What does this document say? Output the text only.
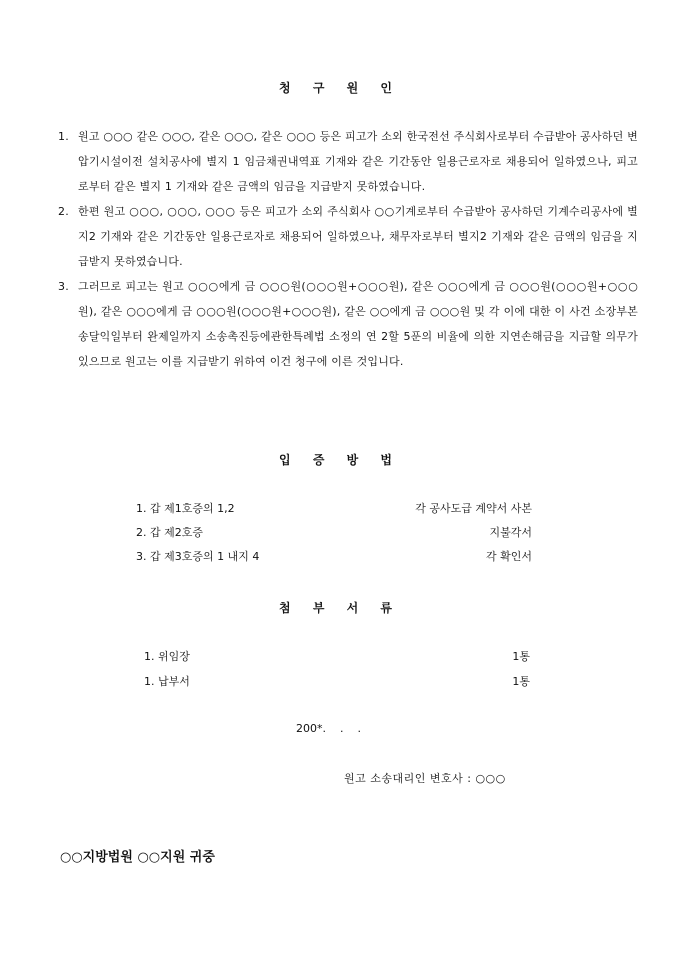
청 구 원 인
1. 원고 ○○○ 같은 ○○○, 같은 ○○○, 같은 ○○○ 등은 피고가 소외 한국전선 주식회사로부터 수급받아 공사하던 변압기시설이전 설치공사에 별지 1 임금채권내역표 기재와 같은 기간동안 일용근로자로 채용되어 일하였으나, 피고로부터 같은 별지 1 기재와 같은 금액의 임금을 지급받지 못하였습니다.
2. 한편 원고 ○○○, ○○○, ○○○ 등은 피고가 소외 주식회사 ○○기계로부터 수급받아 공사하던 기계수리공사에 별지2 기재와 같은 기간동안 일용근로자로 채용되어 일하였으나, 채무자로부터 별지2 기재와 같은 금액의 임금을 지급받지 못하였습니다.
3. 그러므로 피고는 원고 ○○○에게 금 ○○○원(○○○원+○○○원), 같은 ○○○에게 금 ○○○원(○○○원+○○○원), 같은 ○○○에게 금 ○○○원(○○○원+○○○원), 같은 ○○에게 금 ○○○원 및 각 이에 대한 이 사건 소장부본 송달익일부터 완제일까지 소송촉진등에관한특례법 소정의 연 2할 5푼의 비율에 의한 지연손해금을 지급할 의무가 있으므로 원고는 이를 지급받기 위하여 이건 청구에 이른 것입니다.
입 증 방 법
1. 갑 제1호증의 1,2	각 공사도급 계약서 사본
2. 갑 제2호증	지불각서
3. 갑 제3호증의 1 내지 4	각 확인서
첨 부 서 류
1. 위임장	1통
1. 납부서	1통
200*.    .    .
원고 소송대리인 변호사 : ○○○
○○지방법원 ○○지원 귀중
